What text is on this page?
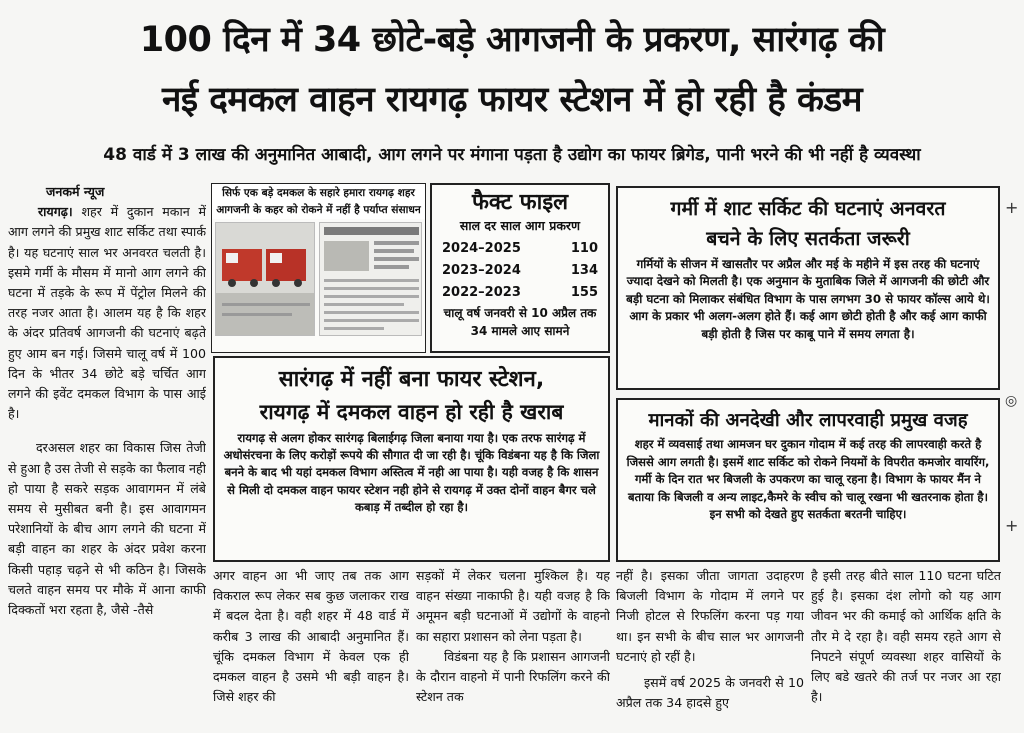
100 दिन में 34 छोटे-बड़े आगजनी के प्रकरण, सारंगढ़ की
नई दमकल वाहन रायगढ़ फायर स्टेशन में हो रही है कंडम
48 वार्ड में 3 लाख की अनुमानित आबादी, आग लगने पर मंगाना पड़ता है उद्योग का फायर ब्रिगेड, पानी भरने की भी नहीं है व्यवस्था
जनकर्म न्यूज
रायगढ़। शहर में दुकान मकान में आग लगने की प्रमुख शाट सर्किट तथा स्पार्क है। यह घटनाएं साल भर अनवरत चलती है। इसमे गर्मी के मौसम में मानो आग लगने की घटना में तड़के के रूप में पेंट्रोल मिलने की तरह नजर आता है। आलम यह है कि शहर के अंदर प्रतिवर्ष आगजनी की घटनाएं बढ़ते हुए आम बन गई। जिसमे चालू वर्ष में 100 दिन के भीतर 34 छोटे बड़े चर्चित आग लगने की इवेंट दमकल विभाग के पास आई है।
दरअसल शहर का विकास जिस तेजी से हुआ है उस तेजी से सड़के का फैलाव नही हो पाया है सकरे सड़क आवागमन में लंबे समय से मुसीबत बनी है। इस आवागमन परेशानियों के बीच आग लगने की घटना में बड़ी वाहन का शहर के अंदर प्रवेश करना किसी पहाड़ चढ़ने से भी कठिन है। जिसके चलते वाहन समय पर मौके में आना काफी दिक्कतों भरा रहता है, जैसे -तैसे
सिर्फ एक बड़े दमकल के सहारे हमारा रायगढ़ शहर
आगजनी के कहर को रोकने में नहीं है पर्याप्त संसाधन	फैक्ट फाइल
साल दर साल आग प्रकरण
2024–2025	110
2023–2024	134
2022–2023	155
चालू वर्ष जनवरी से 10 अप्रैल तक 34 मामले आए सामने
गर्मी में शाट सर्किट की घटनाएं अनवरत
बचने के लिए सतर्कता जरूरी
गर्मियों के सीजन में खासतौर पर अप्रैल और मई के महीने में इस तरह की घटनाएं ज्यादा देखने को मिलती है। एक अनुमान के मुताबिक जिले में आगजनी की छोटी और बड़ी घटना को मिलाकर संबंधित विभाग के पास लगभग 30 से फायर कॉल्स आये थे। आग के प्रकार भी अलग-अलग होते हैं। कई आग छोटी होती है और कई आग काफी बड़ी होती है जिस पर काबू पाने में समय लगता है।
सारंगढ़ में नहीं बना फायर स्टेशन,
रायगढ़ में दमकल वाहन हो रही है खराब
रायगढ़ से अलग होकर सारंगढ़ बिलाईगढ़ जिला बनाया गया है। एक तरफ सारंगढ़ में अधोसंरचना के लिए करोड़ों रूपये की सौगात दी जा रही है। चूंकि विडंबना यह है कि जिला बनने के बाद भी यहां दमकल विभाग अस्तित्व में नही आ पाया है। यही वजह है कि शासन से मिली दो दमकल वाहन फायर स्टेशन नही होने से रायगढ़ में उक्त दोनों वाहन बैगर चले कबाड़ में तब्दील हो रहा है।
मानकों की अनदेखी और लापरवाही प्रमुख वजह
शहर में व्यवसाई तथा आमजन घर दुकान गोदाम में कई तरह की लापरवाही करते है जिससे आग लगती है। इसमें शाट सर्किट को रोकने नियमों के विपरीत कमजोर वायरिंग, गर्मी के दिन रात भर बिजली के उपकरण का चालू रहना है। विभाग के फायर मैंन ने बताया कि बिजली व अन्य लाइट,कैमरे के स्वीच को चालू रखना भी खतरनाक होता है। इन सभी को देखते हुए सतर्कता बरतनी चाहिए।
अगर वाहन आ भी जाए तब तक आग विकराल रूप लेकर सब कुछ जलाकर राख में बदल देता है। वही शहर में 48 वार्ड में करीब 3 लाख की आबादी अनुमानित हैं। चूंकि दमकल विभाग में केवल एक ही दमकल वाहन है उसमे भी बड़ी वाहन है। जिसे शहर की
सड़कों में लेकर चलना मुश्किल है। यह वाहन संख्या नाकाफी है। यही वजह है कि अमूमन बड़ी घटनाओं में उद्योगों के वाहनो का सहारा प्रशासन को लेना पड़ता है।
विडंबना यह है कि प्रशासन आगजनी के दौरान वाहनो में पानी रिफलिंग करने की स्टेशन तक
नहीं है। इसका जीता जागता उदाहरण बिजली विभाग के गोदाम में लगने पर निजी होटल से रिफलिंग करना पड़ गया था। इन सभी के बीच साल भर आगजनी घटनाएं हो रहीं है।
इसमें वर्ष 2025 के जनवरी से 10 अप्रैल तक 34 हादसे हुए
है इसी तरह बीते साल 110 घटना घटित हुई है। इसका दंश लोगो को यह आग जीवन भर की कमाई को आर्थिक क्षति के तौर मे दे रहा है। वही समय रहते आग से निपटने संपूर्ण व्यवस्था शहर वासियों के लिए बडे खतरे की तर्ज पर नजर आ रहा है।
+
◎
+
